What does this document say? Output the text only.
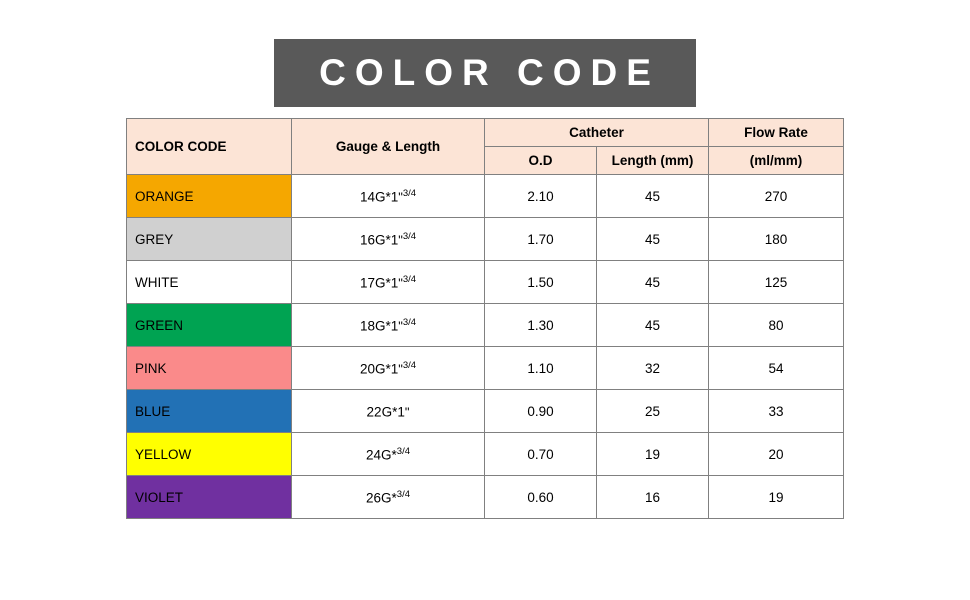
COLOR CODE
COLOR CODE	Gauge & Length	Catheter		Flow Rate
		O.D	Length (mm)	(ml/mm)
ORANGE	14G*1"$^{3/4}$	2.10	45	270
GREY	16G*1"$^{3/4}$	1.70	45	180
WHITE	17G*1"$^{3/4}$	1.50	45	125
GREEN	18G*1"$^{3/4}$	1.30	45	80
PINK	20G*1"$^{3/4}$	1.10	32	54
BLUE	22G*1"	0.90	25	33
YELLOW	24G*$^{3/4}$	0.70	19	20
VIOLET	26G*$^{3/4}$	0.60	16	19
